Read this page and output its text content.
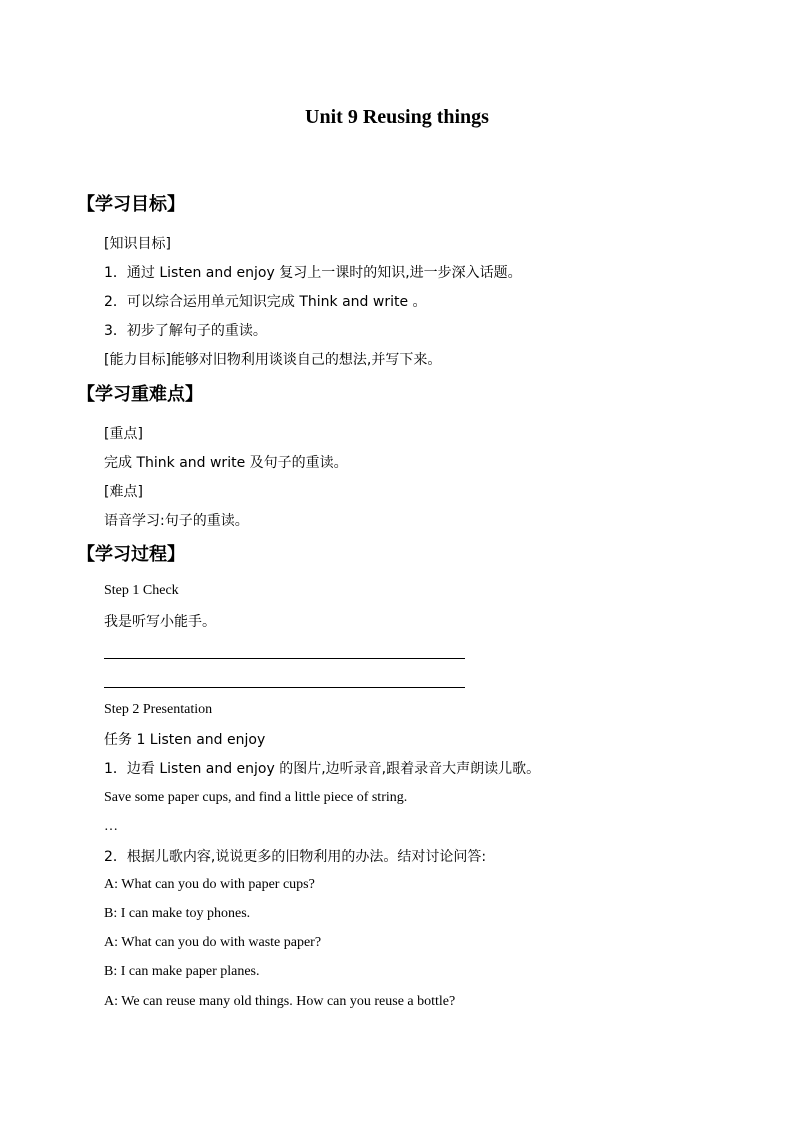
Unit 9 Reusing things
【学习目标】
[知识目标]
1．通过 Listen and enjoy 复习上一课时的知识,进一步深入话题。
2．可以综合运用单元知识完成 Think and write 。
3．初步了解句子的重读。
[能力目标]能够对旧物利用谈谈自己的想法,并写下来。
【学习重难点】
[重点]
完成 Think and write 及句子的重读。
[难点]
语音学习:句子的重读。
【学习过程】
Step 1 Check
我是听写小能手。
Step 2 Presentation
任务 1 Listen and enjoy
1．边看 Listen and enjoy 的图片,边听录音,跟着录音大声朗读儿歌。
Save some paper cups, and find a little piece of string.
…
2．根据儿歌内容,说说更多的旧物利用的办法。结对讨论问答:
A: What can you do with paper cups?
B: I can make toy phones.
A: What can you do with waste paper?
B: I can make paper planes.
A: We can reuse many old things. How can you reuse a bottle?
